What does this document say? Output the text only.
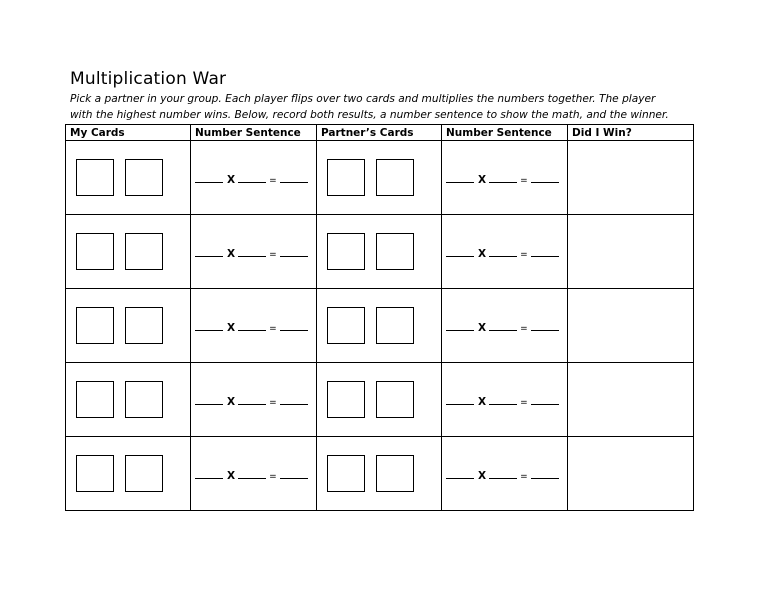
Multiplication War
Pick a partner in your group. Each player flips over two cards and multiplies the numbers together. The player
with the highest number wins. Below, record both results, a number sentence to show the math, and the winner.
My Cards	Number Sentence	Partner’s Cards	Number Sentence	Did I Win?

	X =		X =	

	X =		X =	

	X =		X =	

	X =		X =	

	X =		X =	
